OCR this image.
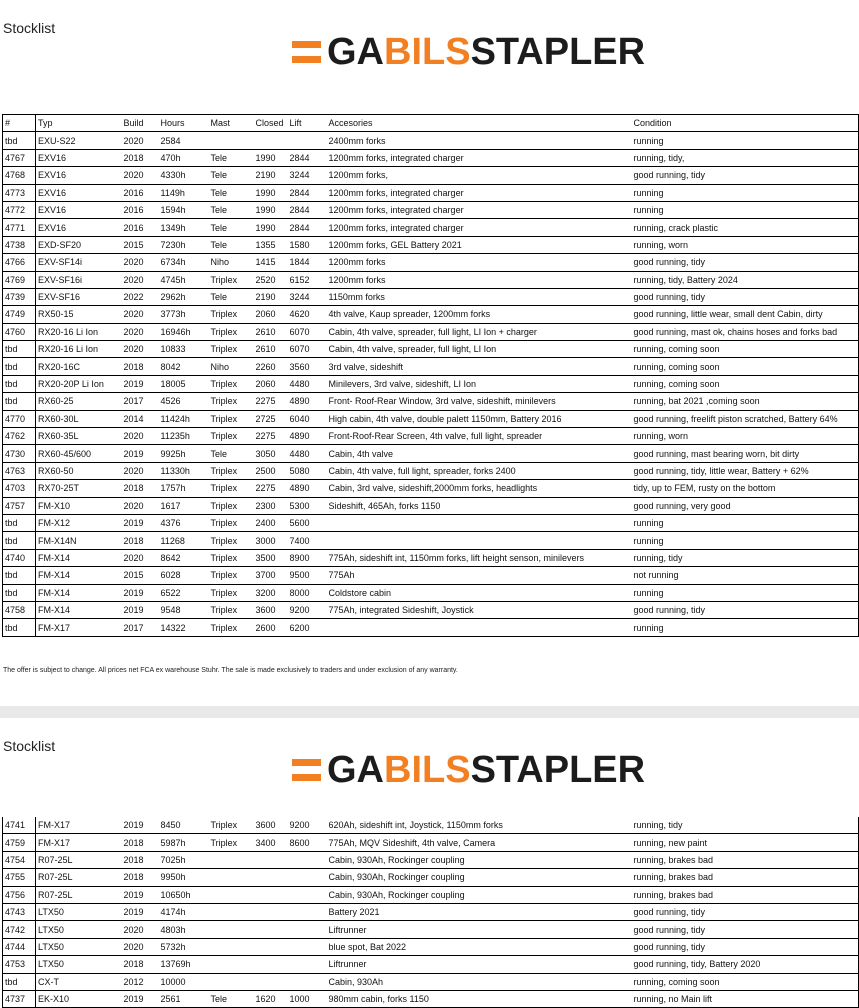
Stocklist
GABILSSTAPLER
#	Typ	Build	Hours	Mast	Closed	Lift	Accesories	Condition
tbd	EXU-S22	2020	2584				2400mm forks	running
4767	EXV16	2018	470h	Tele	1990	2844	1200mm forks, integrated charger	running, tidy,
4768	EXV16	2020	4330h	Tele	2190	3244	1200mm forks,	good running, tidy
4773	EXV16	2016	1149h	Tele	1990	2844	1200mm forks, integrated charger	running
4772	EXV16	2016	1594h	Tele	1990	2844	1200mm forks, integrated charger	running
4771	EXV16	2016	1349h	Tele	1990	2844	1200mm forks, integrated charger	running, crack plastic
4738	EXD-SF20	2015	7230h	Tele	1355	1580	1200mm forks, GEL Battery 2021	running, worn
4766	EXV-SF14i	2020	6734h	Niho	1415	1844	1200mm forks	good running, tidy
4769	EXV-SF16i	2020	4745h	Triplex	2520	6152	1200mm forks	running, tidy, Battery 2024
4739	EXV-SF16	2022	2962h	Tele	2190	3244	1150mm forks	good running, tidy
4749	RX50-15	2020	3773h	Triplex	2060	4620	4th valve, Kaup spreader, 1200mm forks	good running, little wear, small dent Cabin, dirty
4760	RX20-16 Li Ion	2020	16946h	Triplex	2610	6070	Cabin, 4th valve, spreader, full light, LI Ion + charger	good running, mast ok, chains hoses and forks bad
tbd	RX20-16 Li Ion	2020	10833	Triplex	2610	6070	Cabin, 4th valve, spreader, full light, LI Ion	running, coming soon
tbd	RX20-16C	2018	8042	Niho	2260	3560	3rd valve, sideshift	running, coming soon
tbd	RX20-20P Li Ion	2019	18005	Triplex	2060	4480	Minilevers, 3rd valve, sideshift, LI Ion	running, coming soon
tbd	RX60-25	2017	4526	Triplex	2275	4890	Front- Roof-Rear Window, 3rd valve, sideshift, minilevers	running, bat 2021 ,coming soon
4770	RX60-30L	2014	11424h	Triplex	2725	6040	High cabin, 4th valve, double palett 1150mm, Battery 2016	good running, freelift piston scratched, Battery 64%
4762	RX60-35L	2020	11235h	Triplex	2275	4890	Front-Roof-Rear Screen, 4th valve, full light, spreader	running, worn
4730	RX60-45/600	2019	9925h	Tele	3050	4480	Cabin, 4th valve	good running, mast bearing worn, bit dirty
4763	RX60-50	2020	11330h	Triplex	2500	5080	Cabin, 4th valve, full light, spreader, forks 2400	good running, tidy, little wear, Battery + 62%
4703	RX70-25T	2018	1757h	Triplex	2275	4890	Cabin, 3rd valve, sideshift,2000mm forks, headlights	tidy, up to FEM, rusty on the bottom
4757	FM-X10	2020	1617	Triplex	2300	5300	Sideshift, 465Ah, forks 1150	good running, very good
tbd	FM-X12	2019	4376	Triplex	2400	5600		running
tbd	FM-X14N	2018	11268	Triplex	3000	7400		running
4740	FM-X14	2020	8642	Triplex	3500	8900	775Ah, sideshift int, 1150mm forks, lift height senson, minilevers	running, tidy
tbd	FM-X14	2015	6028	Triplex	3700	9500	775Ah	not running
tbd	FM-X14	2019	6522	Triplex	3200	8000	Coldstore cabin	running
4758	FM-X14	2019	9548	Triplex	3600	9200	775Ah, integrated Sideshift, Joystick	good running, tidy
tbd	FM-X17	2017	14322	Triplex	2600	6200		running
The offer is subject to change. All prices net FCA ex warehouse Stuhr. The sale is made exclusively to traders and under exclusion of any warranty.
Stocklist
GABILSSTAPLER
4741	FM-X17	2019	8450	Triplex	3600	9200	620Ah, sideshift int, Joystick, 1150mm forks	running, tidy
4759	FM-X17	2018	5987h	Triplex	3400	8600	775Ah, MQV Sideshift, 4th valve, Camera	running, new paint
4754	R07-25L	2018	7025h				Cabin, 930Ah, Rockinger coupling	running, brakes bad
4755	R07-25L	2018	9950h				Cabin, 930Ah, Rockinger coupling	running, brakes bad
4756	R07-25L	2019	10650h				Cabin, 930Ah, Rockinger coupling	running, brakes bad
4743	LTX50	2019	4174h				Battery 2021	good running, tidy
4742	LTX50	2020	4803h				Liftrunner	good running, tidy
4744	LTX50	2020	5732h				blue spot, Bat 2022	good running, tidy
4753	LTX50	2018	13769h				Liftrunner	good running, tidy, Battery 2020
tbd	CX-T	2012	10000				Cabin, 930Ah	running, coming soon
4737	EK-X10	2019	2561	Tele	1620	1000	980mm cabin, forks 1150	running, no Main lift
